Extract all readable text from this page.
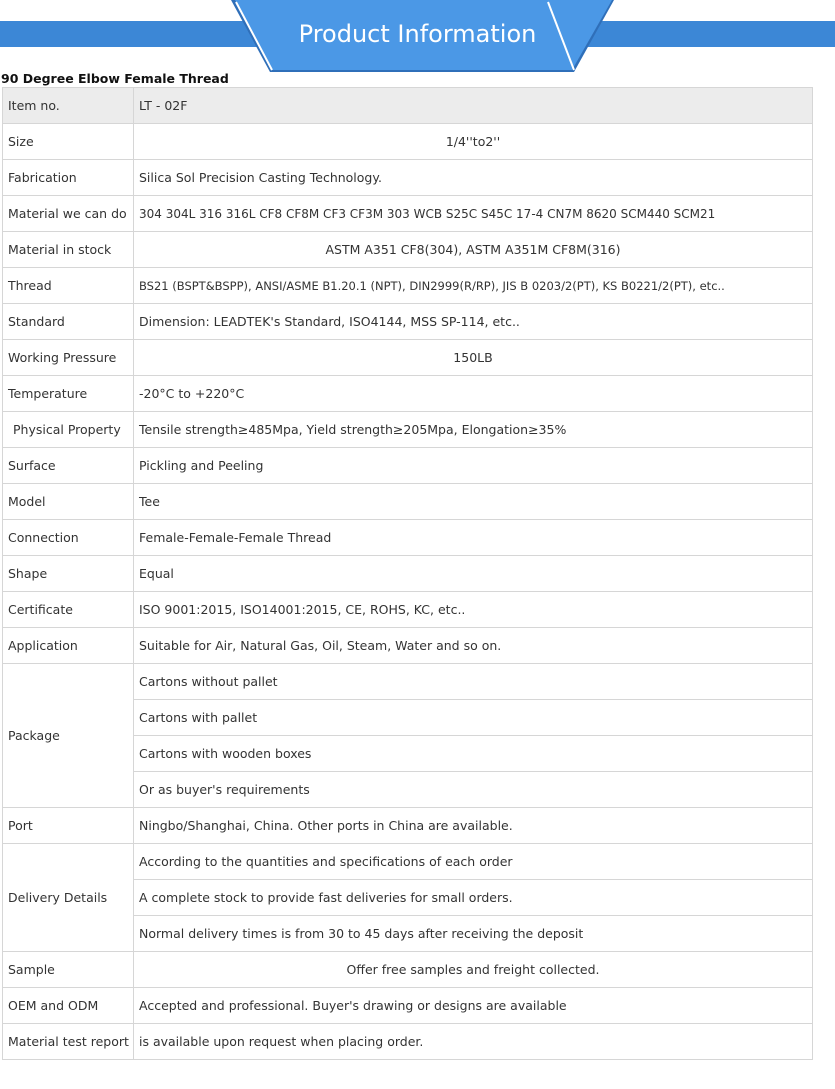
Product Information
90 Degree Elbow Female Thread
Item no.	LT - 02F
Size	1/4''to2''
Fabrication	Silica Sol Precision Casting Technology.
Material we can do	304 304L 316 316L CF8 CF8M CF3 CF3M 303 WCB S25C S45C 17-4 CN7M 8620 SCM440 SCM21
Material in stock	ASTM A351 CF8(304), ASTM A351M CF8M(316)
Thread	BS21 (BSPT&BSPP), ANSI/ASME B1.20.1 (NPT), DIN2999(R/RP), JIS B 0203/2(PT), KS B0221/2(PT), etc..
Standard	Dimension: LEADTEK's Standard, ISO4144, MSS SP-114, etc..
Working Pressure	150LB
Temperature	-20°C to +220°C
Physical Property	Tensile strength≥485Mpa, Yield strength≥205Mpa, Elongation≥35%
Surface	Pickling and Peeling
Model	Tee
Connection	Female-Female-Female Thread
Shape	Equal
Certificate	ISO 9001:2015, ISO14001:2015, CE, ROHS, KC, etc..
Application	Suitable for Air, Natural Gas, Oil, Steam, Water and so on.
Package	Cartons without pallet
	Cartons with pallet
	Cartons with wooden boxes
	Or as buyer's requirements
Port	Ningbo/Shanghai, China. Other ports in China are available.
Delivery Details	According to the quantities and specifications of each order
	A complete stock to provide fast deliveries for small orders.
	Normal delivery times is from 30 to 45 days after receiving the deposit
Sample	Offer free samples and freight collected.
OEM and ODM	Accepted and professional. Buyer's drawing or designs are available
Material test report	is available upon request when placing order.
